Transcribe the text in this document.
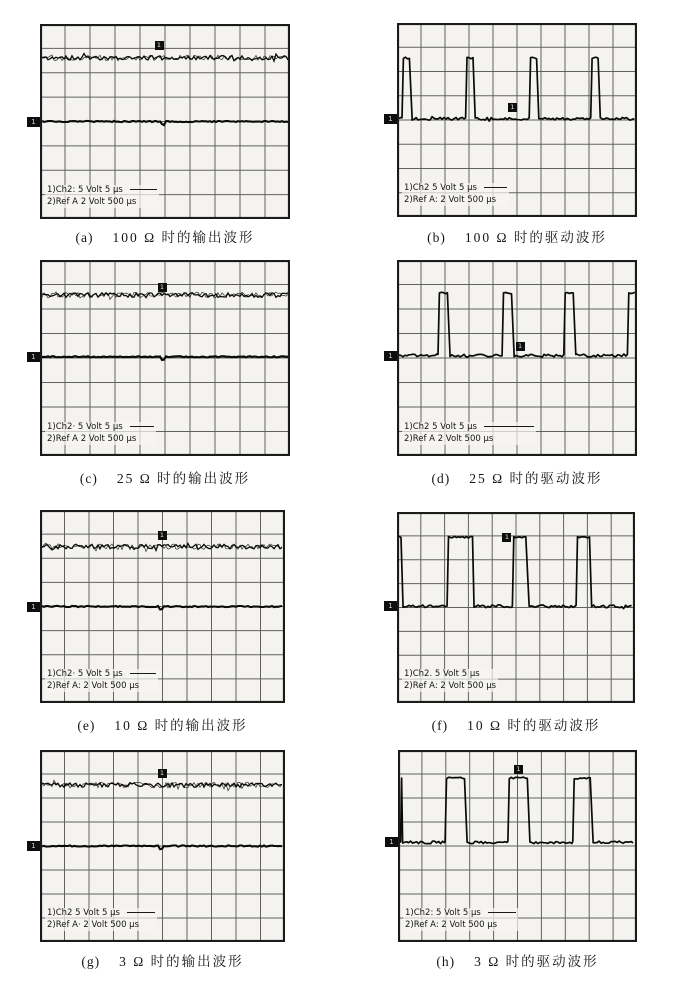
1)Ch2: 5 Volt 5 μs
2)Ref A 2 Volt 500 μs
1
1
(a) 100 Ω 时的输出波形
1)Ch2 5 Volt 5 μs
2)Ref A: 2 Volt 500 μs
1
1
(b) 100 Ω 时的驱动波形
1)Ch2· 5 Volt 5 μs
2)Ref A 2 Volt 500 μs
1
1
(c) 25 Ω 时的输出波形
1)Ch2 5 Volt 5 μs
2)Ref A 2 Volt 500 μs
1
1
(d) 25 Ω 时的驱动波形
1)Ch2· 5 Volt 5 μs
2)Ref A: 2 Volt 500 μs
1
1
(e) 10 Ω 时的输出波形
1)Ch2. 5 Volt 5 μs
2)Ref A: 2 Volt 500 μs
1
1
(f) 10 Ω 时的驱动波形
1)Ch2 5 Volt 5 μs
2)Ref A· 2 Volt 500 μs
1
1
(g) 3 Ω 时的输出波形
1)Ch2: 5 Volt 5 μs
2)Ref A: 2 Volt 500 μs
1
1
(h) 3 Ω 时的驱动波形
